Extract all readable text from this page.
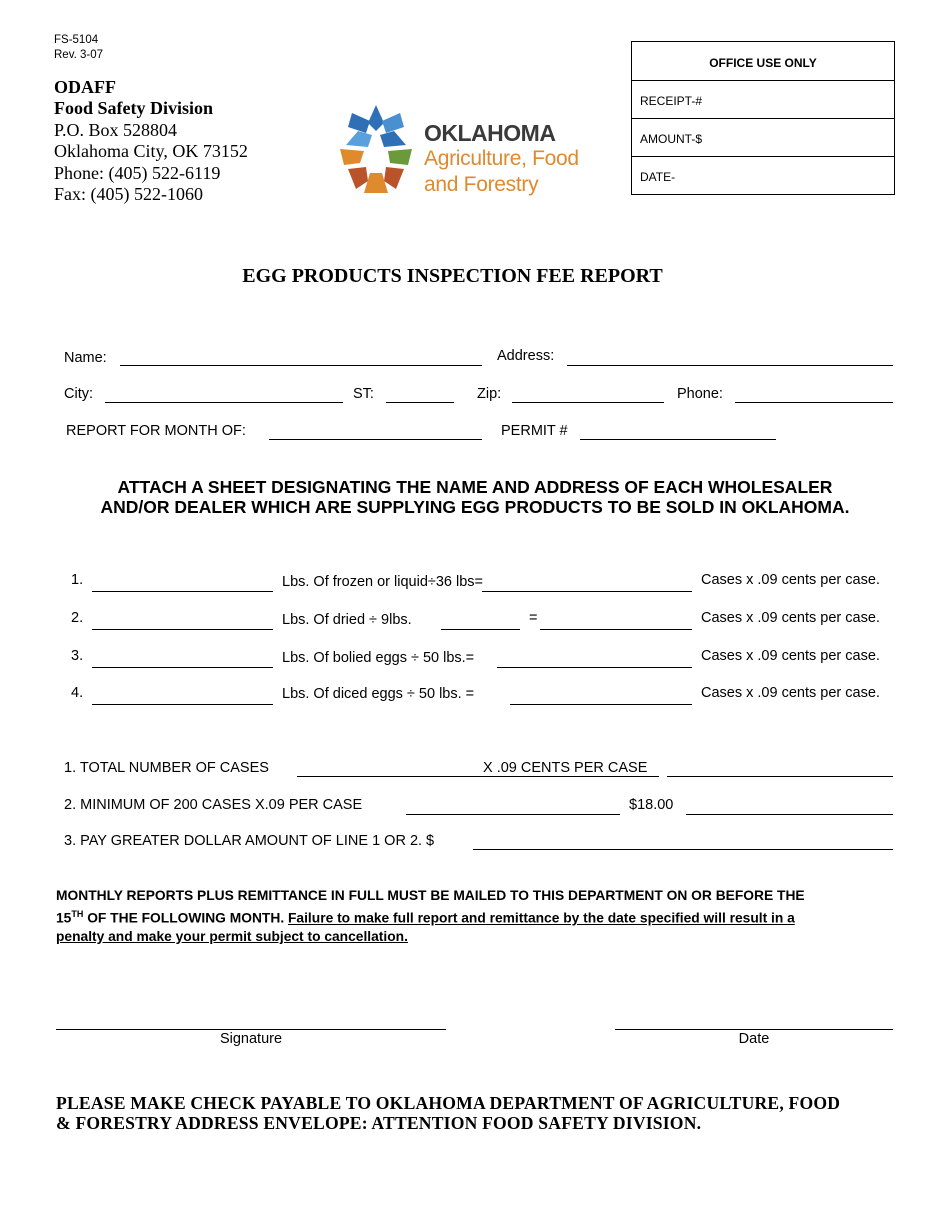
FS-5104
Rev. 3-07
ODAFF
Food Safety Division
P.O. Box 528804
Oklahoma City, OK 73152
Phone: (405) 522-6119
Fax: (405) 522-1060
OKLAHOMA
Agriculture, Food
and Forestry
OFFICE USE ONLY
RECEIPT-#
AMOUNT-$
DATE-
EGG PRODUCTS INSPECTION FEE REPORT
Name:	Address:
City:	ST:	Zip:	Phone:
REPORT FOR MONTH OF:	PERMIT #
ATTACH A SHEET DESIGNATING THE NAME AND ADDRESS OF EACH WHOLESALER
AND/OR DEALER WHICH ARE SUPPLYING EGG PRODUCTS TO BE SOLD IN OKLAHOMA.
1.	Lbs. Of frozen or liquid÷36 lbs=	Cases x .09 cents per case.
2.	Lbs. Of dried ÷ 9lbs.	=	Cases x .09 cents per case.
3.	Lbs. Of bolied eggs ÷ 50 lbs.=	Cases x .09 cents per case.
4.	Lbs. Of diced eggs ÷ 50 lbs. =	Cases x .09 cents per case.
1. TOTAL NUMBER OF CASES	X .09 CENTS PER CASE
2. MINIMUM OF 200 CASES X.09 PER CASE	$18.00
3. PAY GREATER DOLLAR AMOUNT OF LINE 1 OR 2. $
MONTHLY REPORTS PLUS REMITTANCE IN FULL MUST BE MAILED TO THIS DEPARTMENT ON OR BEFORE THE
15TH OF THE FOLLOWING MONTH. Failure to make full report and remittance by the date specified will result in a
penalty and make your permit subject to cancellation.
Signature	Date
PLEASE MAKE CHECK PAYABLE TO OKLAHOMA DEPARTMENT OF AGRICULTURE, FOOD
& FORESTRY ADDRESS ENVELOPE: ATTENTION FOOD SAFETY DIVISION.
